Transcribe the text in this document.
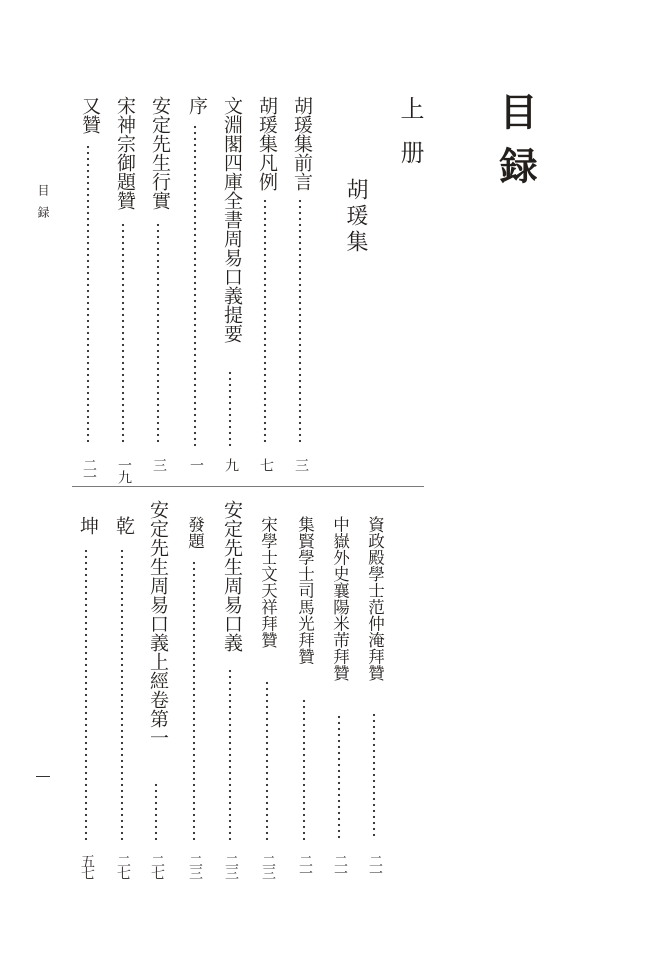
目録
上册
胡瑗集
胡瑗集前言
三
胡瑗集凡例
七
文淵閣四庫全書周易口義提要
九
序
一
安定先生行實
三
宋神宗御題贊
一九
又贊
二一
資政殿學士范仲淹拜贊
二一
中嶽外史襄陽米芾拜贊
二一
集賢學士司馬光拜贊
二一
宋學士文天祥拜贊
二三
安定先生周易口義
二三
發題
二三
安定先生周易口義上經卷第一
二七
乾
二七
坤
五七
目録
